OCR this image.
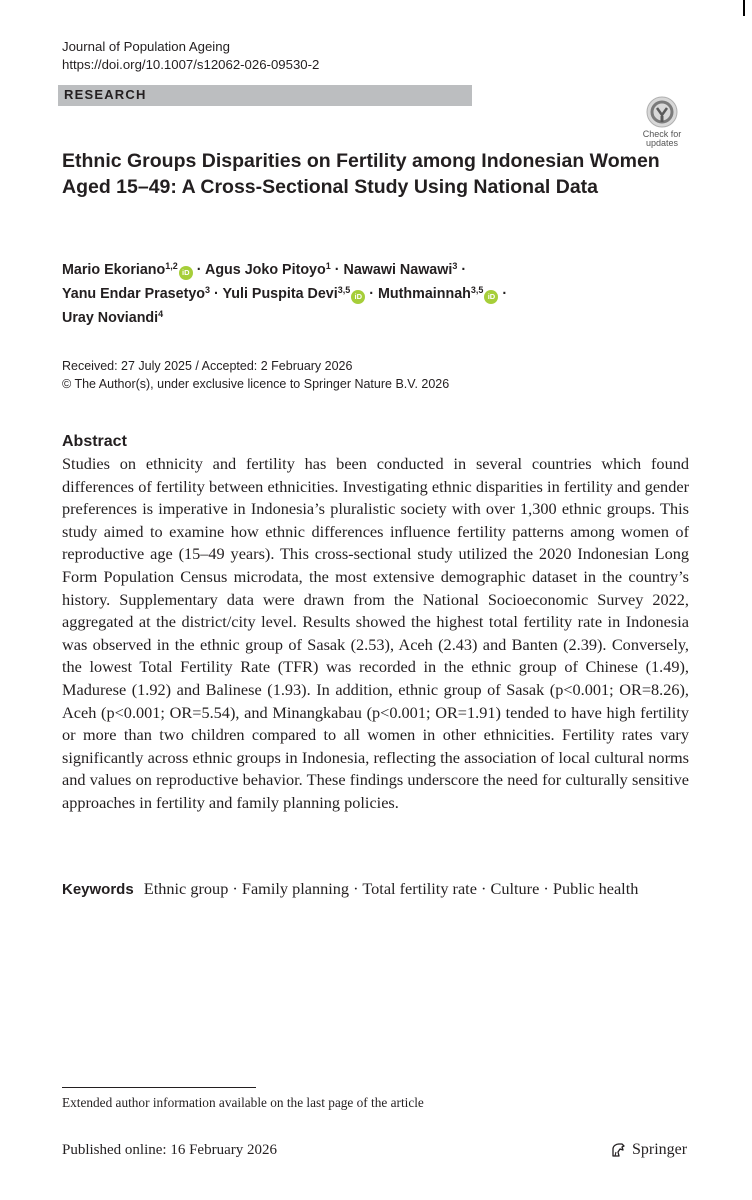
Journal of Population Ageing
https://doi.org/10.1007/s12062-026-09530-2
RESEARCH
Check for
updates
Ethnic Groups Disparities on Fertility among Indonesian Women Aged 15–49: A Cross-Sectional Study Using National Data
Mario Ekoriano$^{1,2}$iD · Agus Joko Pitoyo$^1$ · Nawawi Nawawi$^3$ ·
Yanu Endar Prasetyo$^3$ · Yuli Puspita Devi$^{3,5}$iD · Muthmainnah$^{3,5}$iD ·
Uray Noviandi$^4$
Received: 27 July 2025 / Accepted: 2 February 2026
© The Author(s), under exclusive licence to Springer Nature B.V. 2026
Abstract

Studies on ethnicity and fertility has been conducted in several countries which found differences of fertility between ethnicities. Investigating ethnic disparities in fertility and gender preferences is imperative in Indonesia’s pluralistic society with over 1,300 ethnic groups. This study aimed to examine how ethnic differences influence fertility patterns among women of reproductive age (15–49 years). This cross-sectional study utilized the 2020 Indonesian Long Form Population Census microdata, the most extensive demographic dataset in the country’s history. Supplementary data were drawn from the National Socioeconomic Survey 2022, aggregated at the district/city level. Results showed the highest total fertility rate in Indonesia was observed in the ethnic group of Sasak (2.53), Aceh (2.43) and Banten (2.39). Conversely, the lowest Total Fertility Rate (TFR) was recorded in the ethnic group of Chinese (1.49), Madurese (1.92) and Balinese (1.93). In addition, ethnic group of Sasak (p<0.001; OR=8.26), Aceh (p<0.001; OR=5.54), and Minangkabau (p<0.001; OR=1.91) tended to have high fertility or more than two children compared to all women in other ethnicities. Fertility rates vary significantly across ethnic groups in Indonesia, reflecting the association of local cultural norms and values on reproductive behavior. These findings underscore the need for culturally sensitive approaches in fertility and family planning policies.

Keywords Ethnic group · Family planning · Total fertility rate · Culture · Public health
Extended author information available on the last page of the article
Published online: 16 February 2026	Springer
